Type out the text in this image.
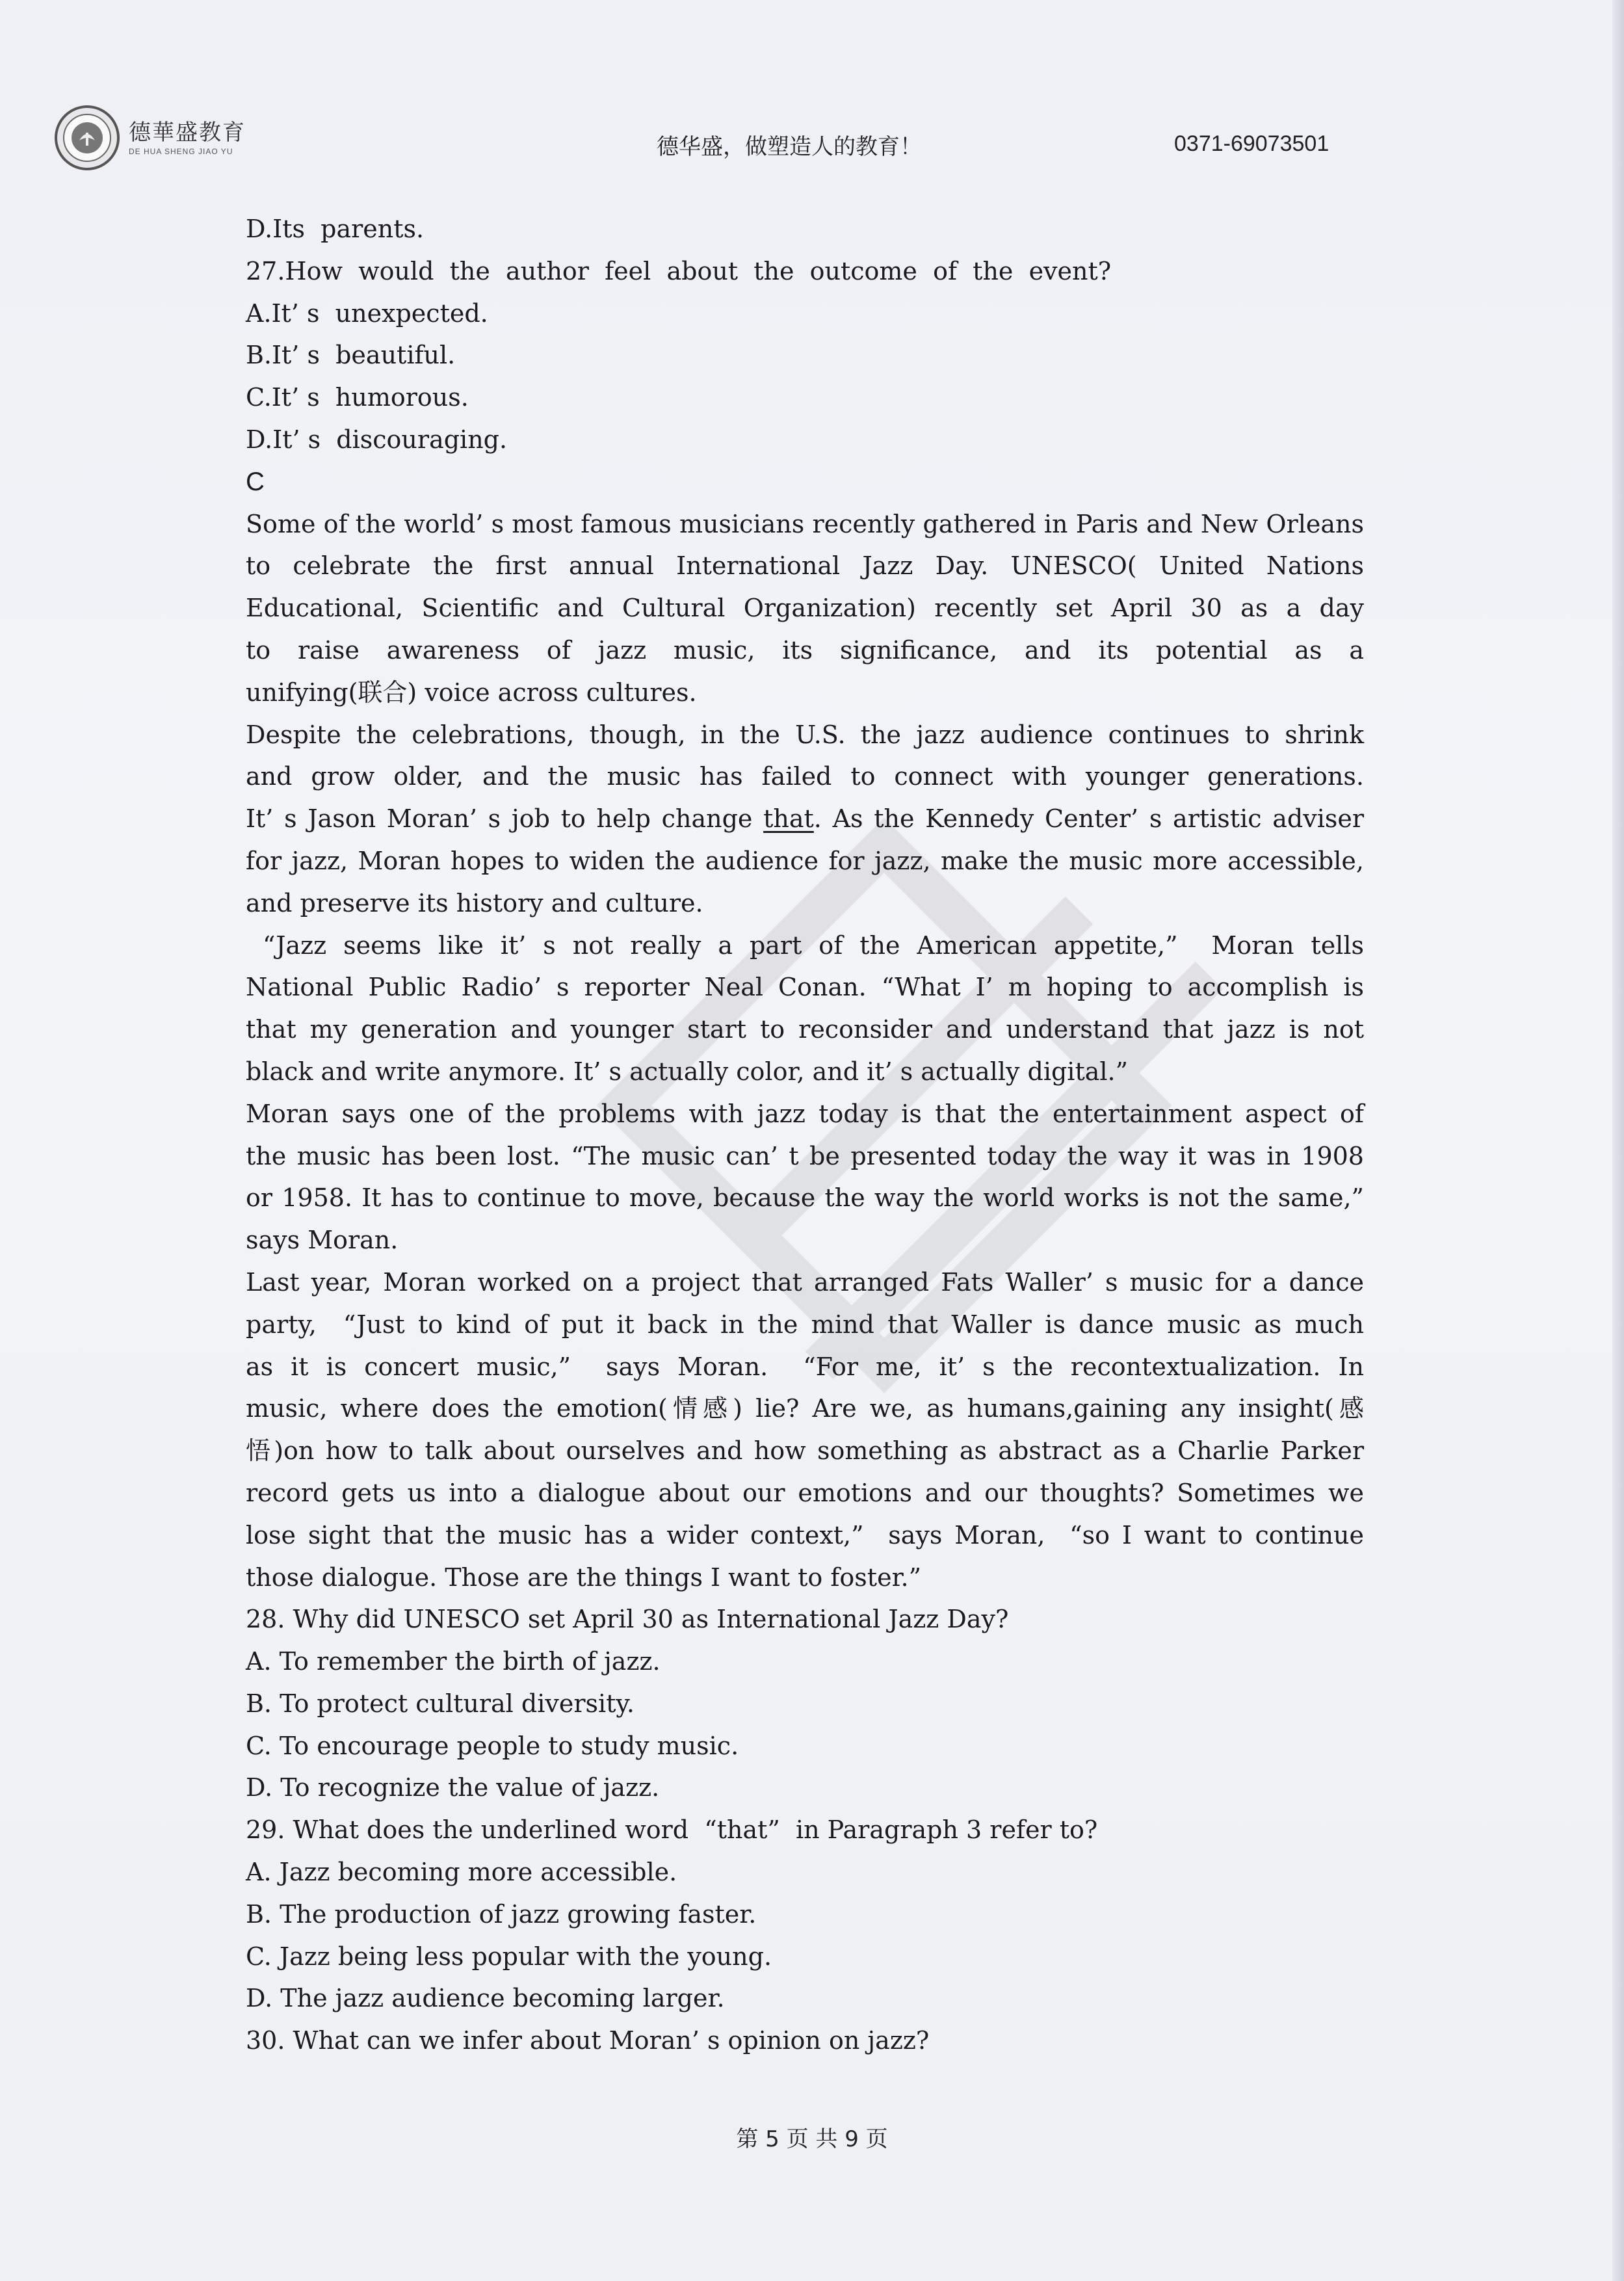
德華盛教育
DE HUA SHENG JIAO YU	德华盛，做塑造人的教育！	0371-69073501

D.Its  parents.

27.How  would  the  author  feel  about  the  outcome  of  the  event?

A.It’ s  unexpected.

B.It’ s  beautiful.

C.It’ s  humorous.

D.It’ s  discouraging.

C

Some of the world’ s most famous musicians recently gathered in Paris and New Orleans

to celebrate the first annual International Jazz Day. UNESCO( United Nations

Educational, Scientific and Cultural Organization) recently set April 30 as a day

to raise awareness of jazz music, its significance, and its potential as a

unifying(联合) voice across cultures.

Despite the celebrations, though, in the U.S. the jazz audience continues to shrink

and grow older, and the music has failed to connect with younger generations.

It’ s Jason Moran’ s job to help change that. As the Kennedy Center’ s artistic adviser

for jazz, Moran hopes to widen the audience for jazz, make the music more accessible,

and preserve its history and culture.

“Jazz seems like it’ s not really a part of the American appetite,”  Moran tells

National Public Radio’ s reporter Neal Conan. “What I’ m hoping to accomplish is

that my generation and younger start to reconsider and understand that jazz is not

black and write anymore. It’ s actually color, and it’ s actually digital.”

Moran says one of the problems with jazz today is that the entertainment aspect of

the music has been lost. “The music can’ t be presented today the way it was in 1908

or 1958. It has to continue to move, because the way the world works is not the same,”

says Moran.

Last year, Moran worked on a project that arranged Fats Waller’ s music for a dance

party,  “Just to kind of put it back in the mind that Waller is dance music as much

as it is concert music,”  says Moran.  “For me, it’ s the recontextualization. In

music, where does the emotion(情感) lie? Are we, as humans,gaining any insight(感

悟)on how to talk about ourselves and how something as abstract as a Charlie Parker

record gets us into a dialogue about our emotions and our thoughts? Sometimes we

lose sight that the music has a wider context,”  says Moran,  “so I want to continue

those dialogue. Those are the things I want to foster.”

28. Why did UNESCO set April 30 as International Jazz Day?

A. To remember the birth of jazz.

B. To protect cultural diversity.

C. To encourage people to study music.

D. To recognize the value of jazz.

29. What does the underlined word  “that”  in Paragraph 3 refer to?

A. Jazz becoming more accessible.

B. The production of jazz growing faster.

C. Jazz being less popular with the young.

D. The jazz audience becoming larger.

30. What can we infer about Moran’ s opinion on jazz?

第 5 页 共 9 页
